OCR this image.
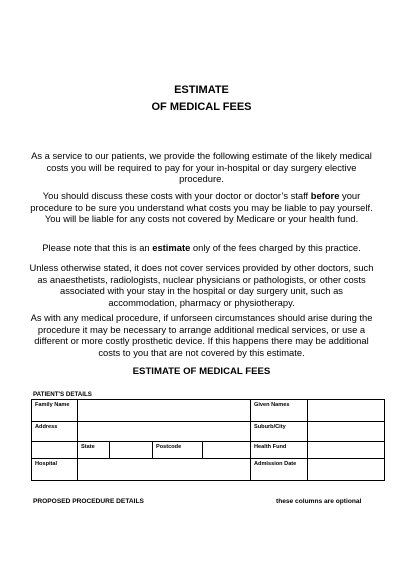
ESTIMATE
OF MEDICAL FEES

As a service to our patients, we provide the following estimate of the likely medical costs you will be required to pay for your in-hospital or day surgery elective procedure.

You should discuss these costs with your doctor or doctor’s staff before your procedure to be sure you understand what costs you may be liable to pay yourself. You will be liable for any costs not covered by Medicare or your health fund.

Please note that this is an estimate only of the fees charged by this practice.

Unless otherwise stated, it does not cover services provided by other doctors, such as anaesthetists, radiologists, nuclear physicians or pathologists, or other costs associated with your stay in the hospital or day surgery unit, such as accommodation, pharmacy or physiotherapy.

As with any medical procedure, if unforseen circumstances should arise during the procedure it may be necessary to arrange additional medical services, or use a different or more costly prosthetic device. If this happens there may be additional costs to you that are not covered by this estimate.

ESTIMATE OF MEDICAL FEES
PATIENT'S DETAILS
Family Name					Given Names	
Address					Suburb/City	
	State		Postcode		Health Fund	
Hospital					Admission Date	
PROPOSED PROCEDURE DETAILS	these columns are optional
